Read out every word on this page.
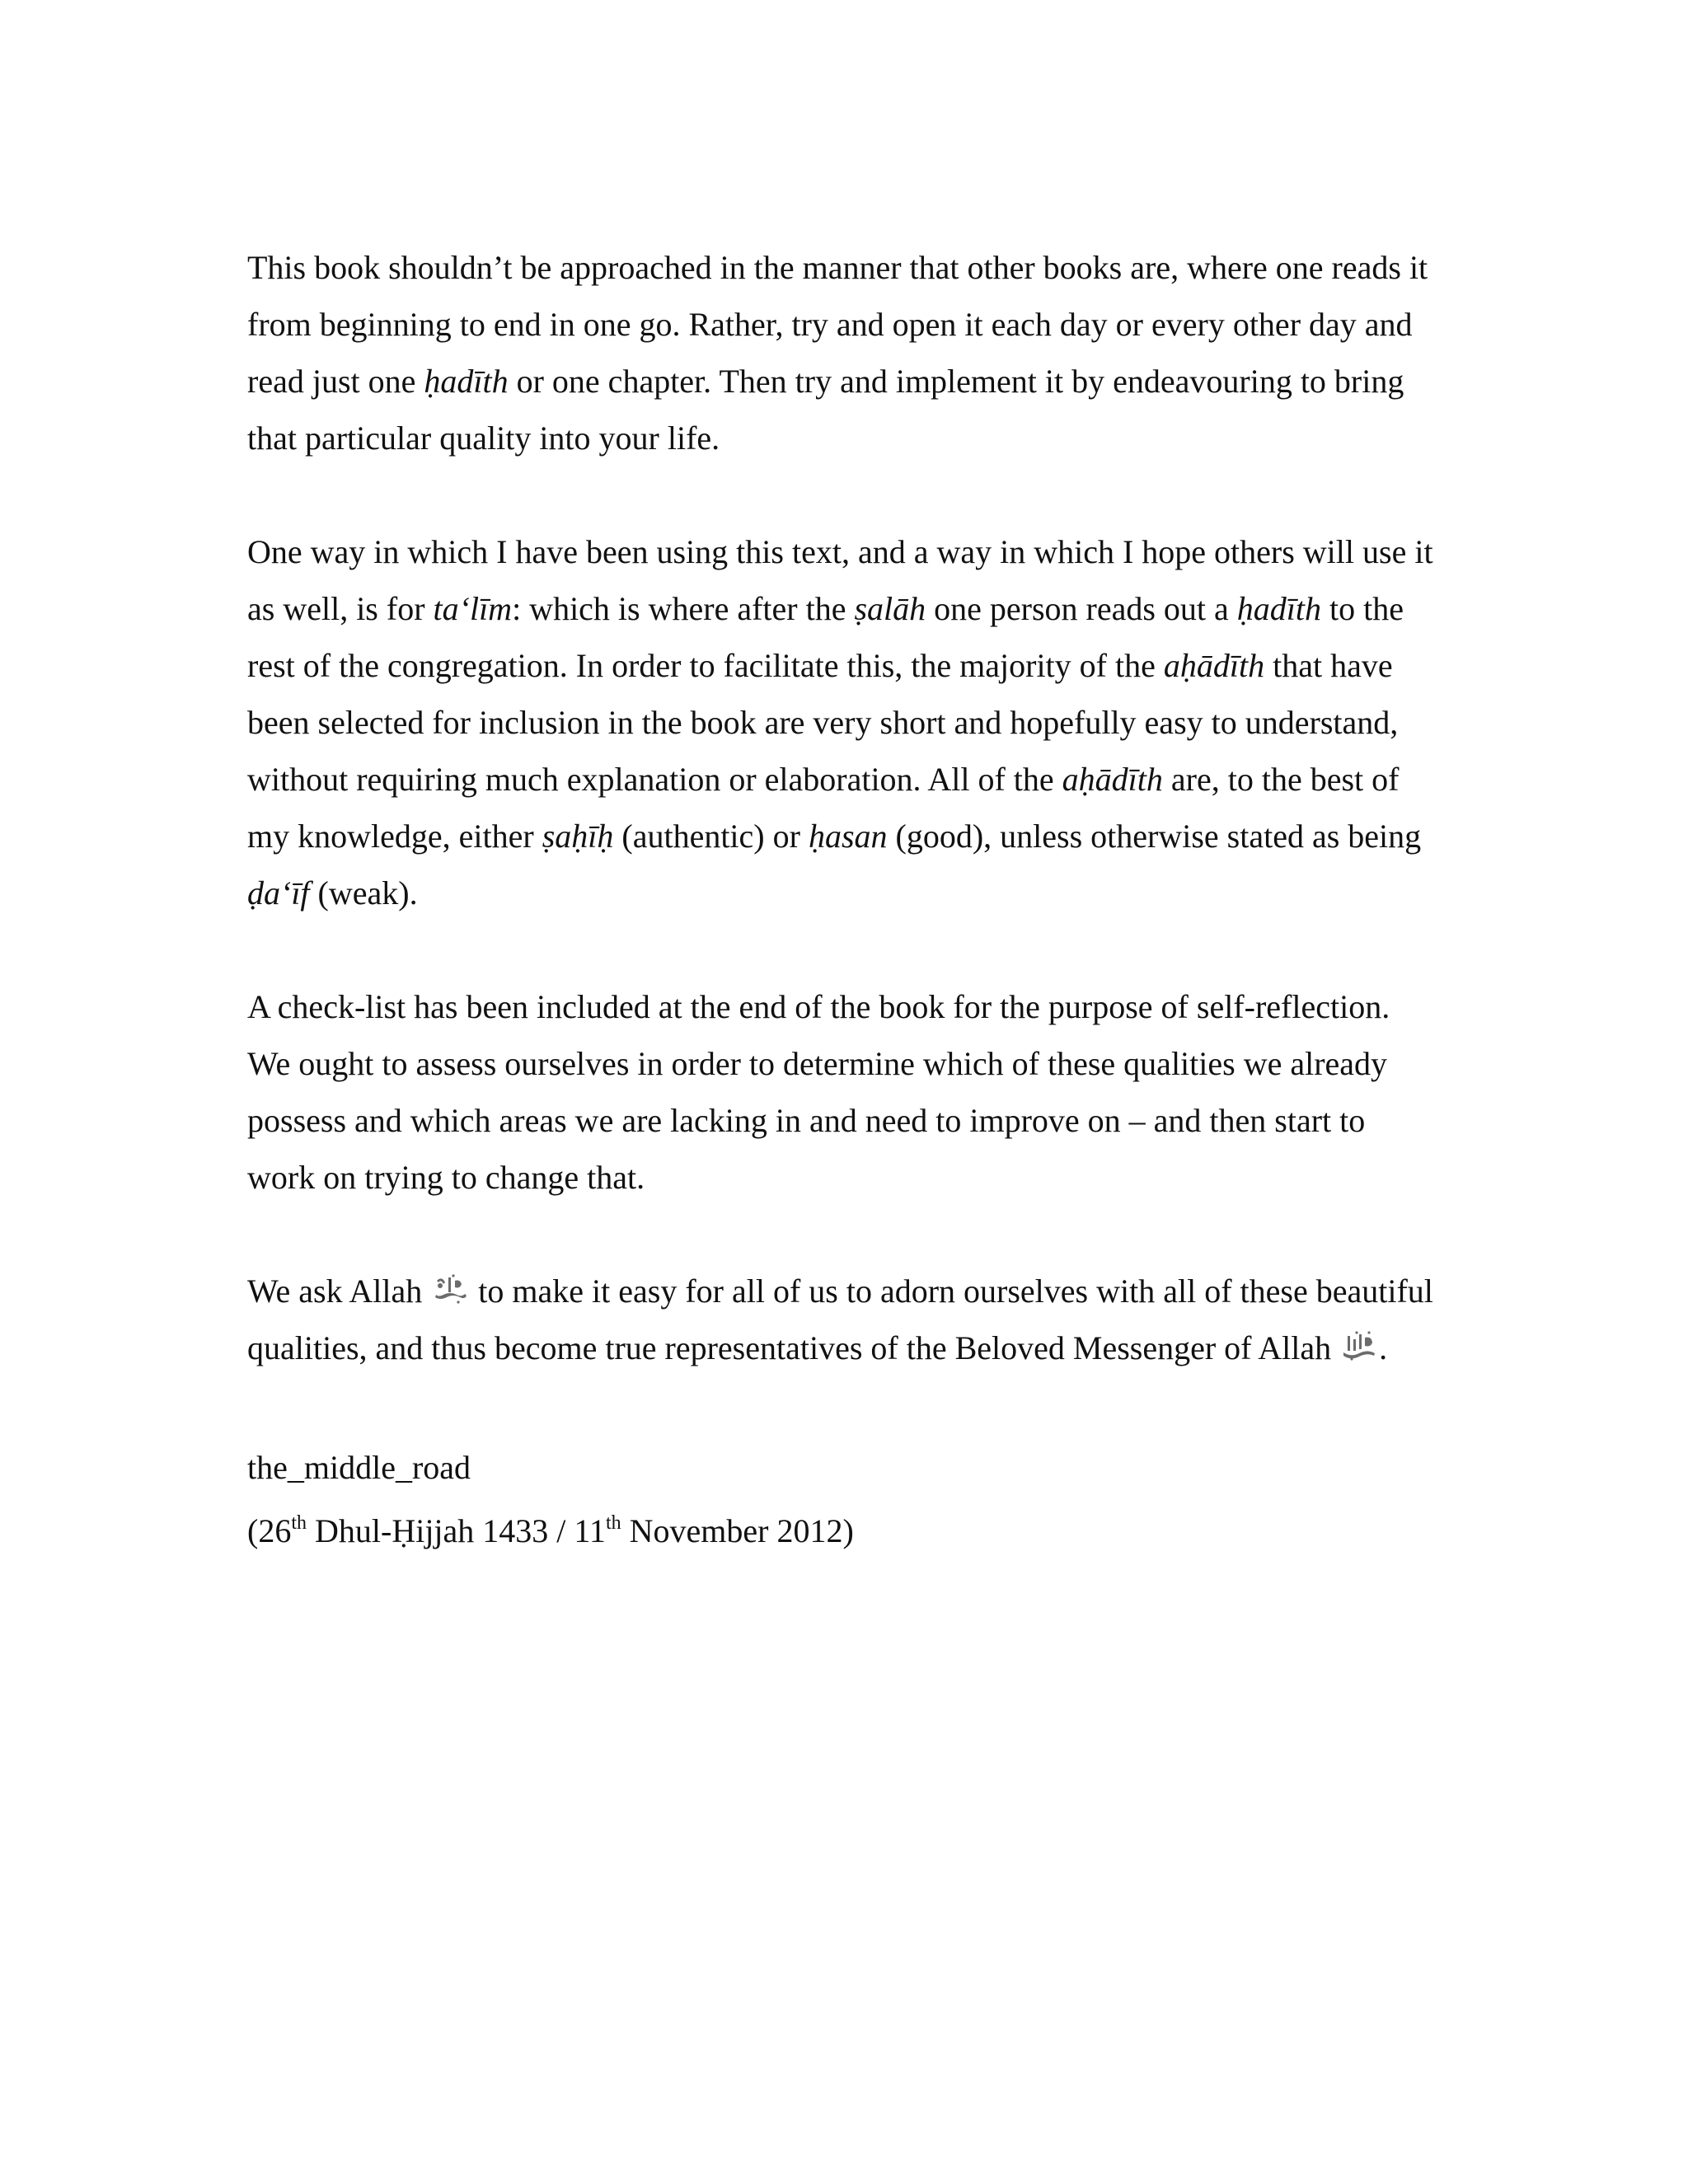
This book shouldn’t be approached in the manner that other books are, where one reads it
from beginning to end in one go. Rather, try and open it each day or every other day and
read just one ḥadīth or one chapter. Then try and implement it by endeavouring to bring
that particular quality into your life.
One way in which I have been using this text, and a way in which I hope others will use it
as well, is for ta‘līm: which is where after the ṣalāh one person reads out a ḥadīth to the
rest of the congregation. In order to facilitate this, the majority of the aḥādīth that have
been selected for inclusion in the book are very short and hopefully easy to understand,
without requiring much explanation or elaboration. All of the aḥādīth are, to the best of
my knowledge, either ṣaḥīḥ (authentic) or ḥasan (good), unless otherwise stated as being
ḍa‘īf (weak).
A check-list has been included at the end of the book for the purpose of self-reflection.
We ought to assess ourselves in order to determine which of these qualities we already
possess and which areas we are lacking in and need to improve on – and then start to
work on trying to change that.
We ask Allah  to make it easy for all of us to adorn ourselves with all of these beautiful
qualities, and thus become true representatives of the Beloved Messenger of Allah .
the_middle_road
(26th Dhul-Ḥijjah 1433 / 11th November 2012)
